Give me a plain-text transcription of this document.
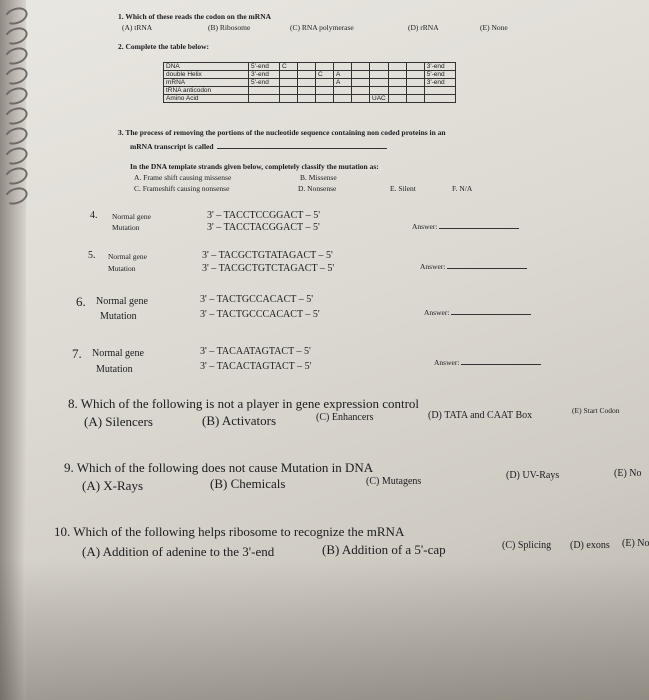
1. Which of these reads the codon on the mRNA
(A) tRNA	(B) Ribosome	(C) RNA polymerase	(D) rRNA	(E) None
2. Complete the table below:
DNA	5'-end	C								3'-end
double Helix	3'-end			C	A					5'-end
mRNA	5'-end				A					3'-end
tRNA anticodon										
Amino Acid							UAC			
3. The process of removing the portions of the nucleotide sequence containing non coded proteins in an
mRNA transcript is called
In the DNA template strands given below, completely classify the mutation as:
A. Frame shift causing missense	B. Missense
C. Frameshift causing nonsense	D. Nonsense	E. Silent	F. N/A
4. Normal gene
Mutation
3' – TACCTCCGGACT – 5'
3' – TACCTACGGACT – 5'	Answer:
5. Normal gene
Mutation
3' – TACGCTGTATAGACT – 5'
3' – TACGCTGTCTAGACT – 5'	Answer:
6. Normal gene
Mutation
3' – TACTGCCACACT – 5'
3' – TACTGCCCACACT – 5'	Answer:
7. Normal gene
Mutation
3' – TACAATAGTACT – 5'
3' – TACACTAGTACT – 5'	Answer:
8. Which of the following is not a player in gene expression control
(A) Silencers	(B) Activators	(C) Enhancers	(D) TATA and CAAT Box	(E) Start Codon
9. Which of the following does not cause Mutation in DNA
(A) X-Rays	(B) Chemicals	(C) Mutagens
(D) UV-Rays	(E) No
10. Which of the following helps ribosome to recognize the mRNA
(A) Addition of adenine to the 3'-end	(B) Addition of a 5'-cap	(C) Splicing (D) exons (E) No
